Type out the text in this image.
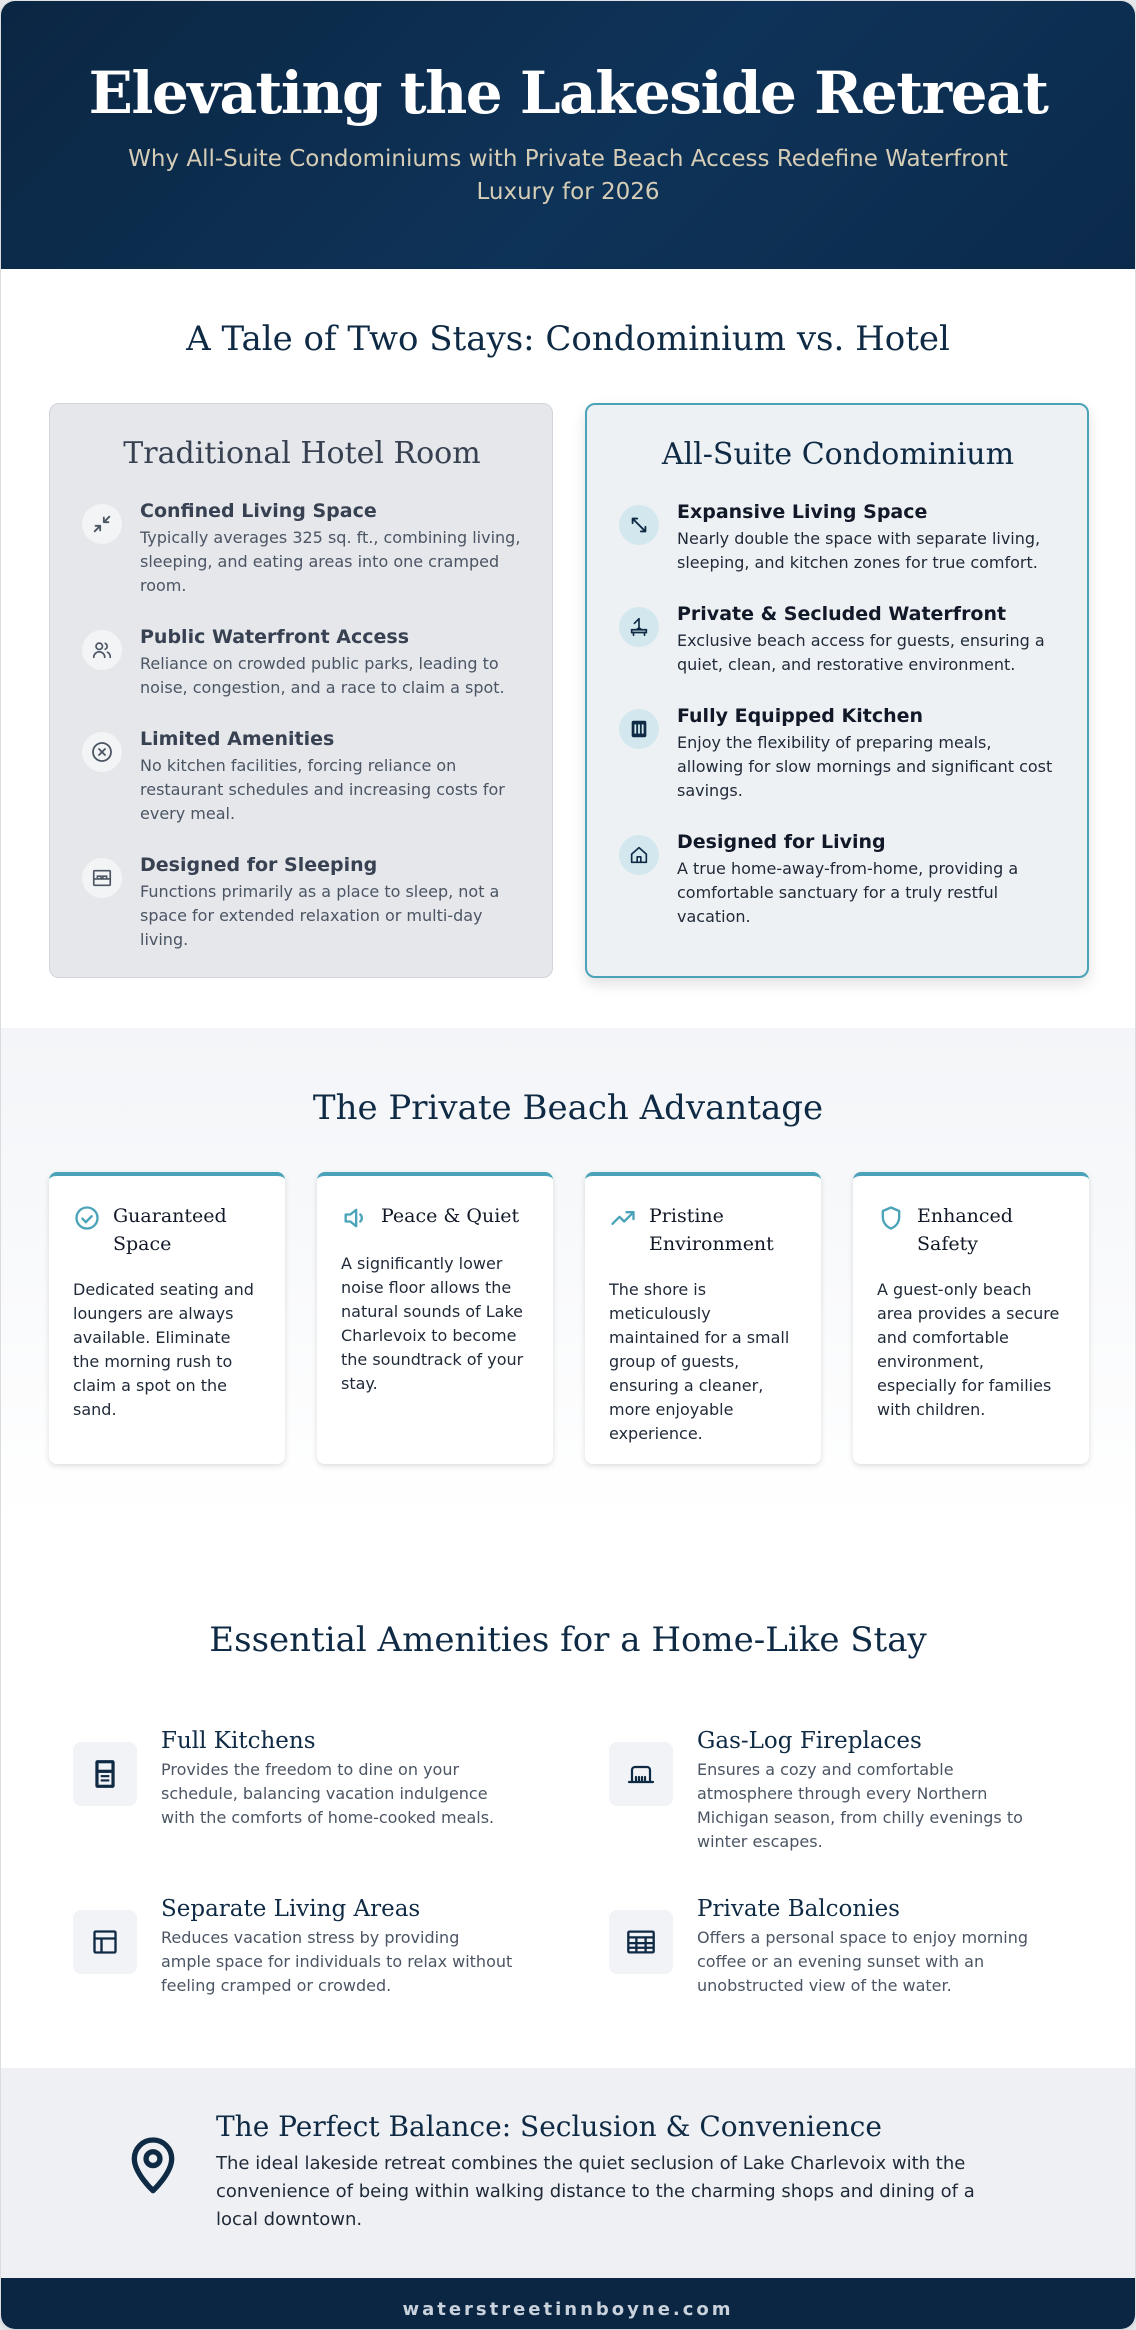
Elevating the Lakeside Retreat

Why All-Suite Condominiums with Private Beach Access Redefine Waterfront Luxury for 2026

A Tale of Two Stays: Condominium vs. Hotel
Traditional Hotel Room
Confined Living Space

Typically averages 325 sq. ft., combining living, sleeping, and eating areas into one cramped room.

Public Waterfront Access

Reliance on crowded public parks, leading to noise, congestion, and a race to claim a spot.

Limited Amenities

No kitchen facilities, forcing reliance on restaurant schedules and increasing costs for every meal.

Designed for Sleeping

Functions primarily as a place to sleep, not a space for extended relaxation or multi-day living.

All-Suite Condominium
Expansive Living Space

Nearly double the space with separate living, sleeping, and kitchen zones for true comfort.

Private & Secluded Waterfront

Exclusive beach access for guests, ensuring a quiet, clean, and restorative environment.

Fully Equipped Kitchen

Enjoy the flexibility of preparing meals, allowing for slow mornings and significant cost savings.

Designed for Living

A true home-away-from-home, providing a comfortable sanctuary for a truly restful vacation.

The Private Beach Advantage
Guaranteed Space

Dedicated seating and loungers are always available. Eliminate the morning rush to claim a spot on the sand.

Peace & Quiet

A significantly lower noise floor allows the natural sounds of Lake Charlevoix to become the soundtrack of your stay.

Pristine Environment

The shore is meticulously maintained for a small group of guests, ensuring a cleaner, more enjoyable experience.

Enhanced Safety

A guest-only beach area provides a secure and comfortable environment, especially for families with children.

Essential Amenities for a Home-Like Stay
Full Kitchens

Provides the freedom to dine on your schedule, balancing vacation indulgence with the comforts of home-cooked meals.

Gas-Log Fireplaces

Ensures a cozy and comfortable atmosphere through every Northern Michigan season, from chilly evenings to winter escapes.

Separate Living Areas

Reduces vacation stress by providing ample space for individuals to relax without feeling cramped or crowded.

Private Balconies

Offers a personal space to enjoy morning coffee or an evening sunset with an unobstructed view of the water.

The Perfect Balance: Seclusion & Convenience

The ideal lakeside retreat combines the quiet seclusion of Lake Charlevoix with the convenience of being within walking distance to the charming shops and dining of a local downtown.

waterstreetinnboyne.com
